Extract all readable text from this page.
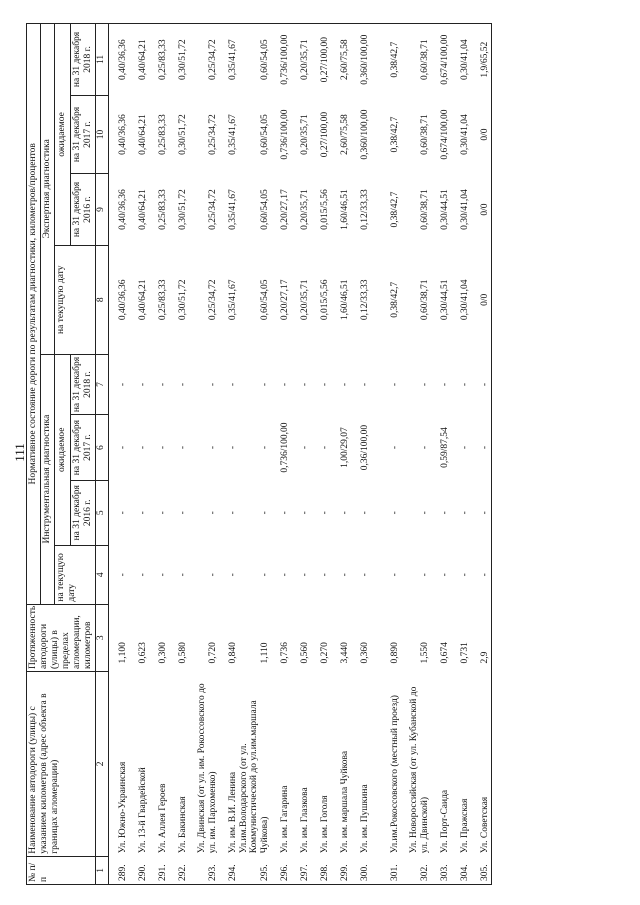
111
№ п/п	Наименование автодороги (улицы) с указанием километров (адрес объекта в границах агломерации)	Протяженность автодороги (улицы) в пределах агломерации, километров	Нормативное состояние дороги по результатам диагностики, километров/процентов							
			Инструментальная диагностика				Экспертная диагностика			
			на текущую дату	ожидаемое			на текущую дату	ожидаемое		
				на 31 декабря 2016 г.	на 31 декабря 2017 г.	на 31 декабря 2018 г.		на 31 декабря 2016 г.	на 31 декабря 2017 г.	на 31 декабря 2018 г.
1	2	3	4	5	6	7	8	9	10	11
289.	Ул. Южно-Украинская	1,100	-	-	-	-	0,40/36,36	0,40/36,36	0,40/36,36	0,40/36,36
290.	Ул. 13-й Гвардейской	0,623	-	-	-	-	0,40/64,21	0,40/64,21	0,40/64,21	0,40/64,21
291.	Ул. Аллея Героев	0,300	-	-	-	-	0,25/83,33	0,25/83,33	0,25/83,33	0,25/83,33
292.	Ул. Бакинская	0,580	-	-	-	-	0,30/51,72	0,30/51,72	0,30/51,72	0,30/51,72
293.	Ул. Двинская (от ул. им. Рокоссовского до ул. им. Пархоменко)	0,720	-	-	-	-	0,25/34,72	0,25/34,72	0,25/34,72	0,25/34,72
294.	Ул. им. В.И. Ленина	0,840	-	-	-	-	0,35/41,67	0,35/41,67	0,35/41,67	0,35/41,67
295.	Ул.им.Володарского (от ул. Коммунистической до ул.им.маршала Чуйкова)	1,110	-	-	-	-	0,60/54,05	0,60/54,05	0,60/54,05	0,60/54,05
296.	Ул. им. Гагарина	0,736	-	-	0,736/100,00	-	0,20/27,17	0,20/27,17	0,736/100,00	0,736/100,00
297.	Ул. им. Глазкова	0,560	-	-	-	-	0,20/35,71	0,20/35,71	0,20/35,71	0,20/35,71
298.	Ул. им. Гоголя	0,270	-	-	-	-	0,015/5,56	0,015/5,56	0,27/100,00	0,27/100,00
299.	Ул. им. маршала Чуйкова	3,440	-	-	1,00/29,07	-	1,60/46,51	1,60/46,51	2,60/75,58	2,60/75,58
300.	Ул. им. Пушкина	0,360	-	-	0,36/100,00	-	0,12/33,33	0,12/33,33	0,360/100,00	0,360/100,00
301.	Ул.им.Рокоссовского (местный проезд)	0,890	-	-	-	-	0,38/42,7	0,38/42,7	0,38/42,7	0,38/42,7
302.	Ул. Новороссийская (от ул. Кубанской до ул. Двинской)	1,550	-	-	-	-	0,60/38,71	0,60/38,71	0,60/38,71	0,60/38,71
303.	Ул. Порт-Саида	0,674	-	-	0,59/87,54	-	0,30/44,51	0,30/44,51	0,674/100,00	0,674/100,00
304.	Ул. Пражская	0,731	-	-	-	-	0,30/41,04	0,30/41,04	0,30/41,04	0,30/41,04
305.	Ул. Советская	2,9	-	-	-	-	0/0	0/0	0/0	1,9/65,52
